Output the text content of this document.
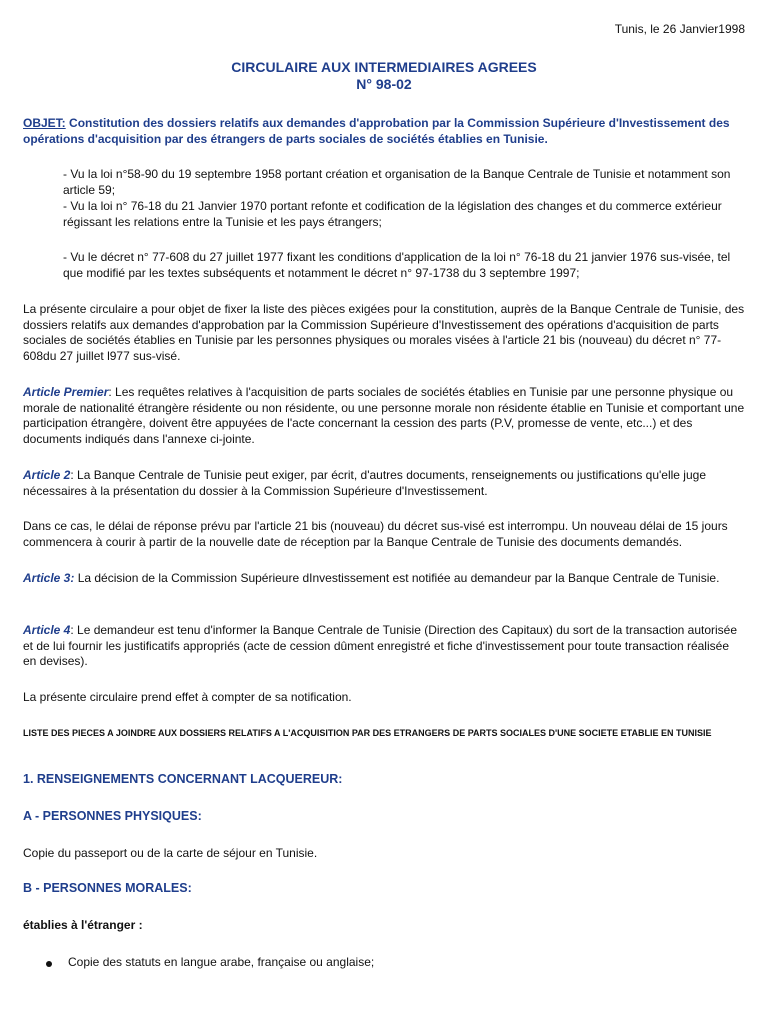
Tunis, le 26 Janvier1998
CIRCULAIRE AUX INTERMEDIAIRES AGREES
N° 98-02
OBJET: Constitution des dossiers relatifs aux demandes d'approbation par la Commission Supérieure d'Investissement des opérations d'acquisition par des étrangers de parts sociales de sociétés établies en Tunisie.
- Vu la loi n°58-90 du 19 septembre 1958 portant création et organisation de la Banque Centrale de Tunisie et notamment son article 59;
- Vu la loi n° 76-18 du 21 Janvier 1970 portant refonte et codification de la législation des changes et du commerce extérieur régissant les relations entre la Tunisie et les pays étrangers;
- Vu le décret n° 77-608 du 27 juillet 1977 fixant les conditions d'application de la loi n° 76-18 du 21 janvier 1976 sus-visée, tel que modifié par les textes subséquents et notamment le décret n° 97-1738 du 3 septembre 1997;
La présente circulaire a pour objet de fixer la liste des pièces exigées pour la constitution, auprès de la Banque Centrale de Tunisie, des dossiers relatifs aux demandes d'approbation par la Commission Supérieure d'Investissement des opérations d'acquisition de parts sociales de sociétés établies en Tunisie par les personnes physiques ou morales visées à l'article 21 bis (nouveau) du décret n° 77-608du 27 juillet l977 sus-visé.
Article Premier: Les requêtes relatives à l'acquisition de parts sociales de sociétés établies en Tunisie par une personne physique ou morale de nationalité étrangère résidente ou non résidente, ou une personne morale non résidente établie en Tunisie et comportant une participation étrangère, doivent être appuyées de l'acte concernant la cession des parts (P.V, promesse de vente, etc...) et des documents indiqués dans l'annexe ci-jointe.
Article 2: La Banque Centrale de Tunisie peut exiger, par écrit, d'autres documents, renseignements ou justifications qu'elle juge nécessaires à la présentation du dossier à la Commission Supérieure d'Investissement.
Dans ce cas, le délai de réponse prévu par l'article 21 bis (nouveau) du décret sus-visé est interrompu. Un nouveau délai de 15 jours commencera à courir à partir de la nouvelle date de réception par la Banque Centrale de Tunisie des documents demandés.
Article 3: La décision de la Commission Supérieure dInvestissement est notifiée au demandeur par la Banque Centrale de Tunisie.
Article 4: Le demandeur est tenu d'informer la Banque Centrale de Tunisie (Direction des Capitaux) du sort de la transaction autorisée et de lui fournir les justificatifs appropriés (acte de cession dûment enregistré et fiche d'investissement pour toute transaction réalisée en devises).
La présente circulaire prend effet à compter de sa notification.
LISTE DES PIECES A JOINDRE AUX DOSSIERS RELATIFS A L'ACQUISITION PAR DES ETRANGERS DE PARTS SOCIALES D'UNE SOCIETE ETABLIE EN TUNISIE
1. RENSEIGNEMENTS CONCERNANT LACQUEREUR:
A - PERSONNES PHYSIQUES:
Copie du passeport ou de la carte de séjour en Tunisie.
B - PERSONNES MORALES:
établies à l'étranger :
Copie des statuts en langue arabe, française ou anglaise;
